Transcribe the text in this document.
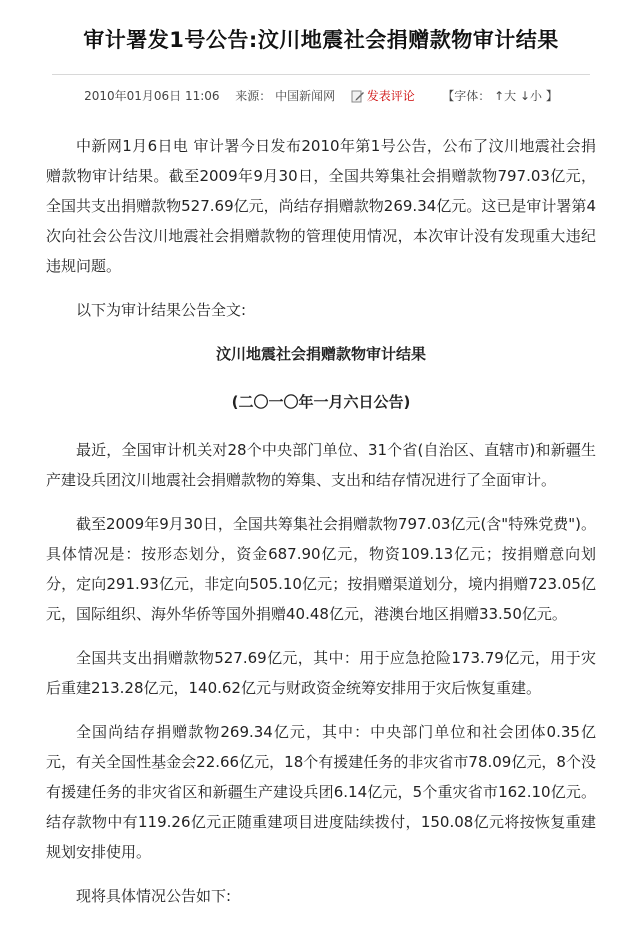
审计署发1号公告:汶川地震社会捐赠款物审计结果
2010年01月06日 11:06 来源： 中国新闻网	发表评论 【字体： ↑大 ↓小 】

中新网1月6日电 审计署今日发布2010年第1号公告，公布了汶川地震社会捐赠款物审计结果。截至2009年9月30日，全国共筹集社会捐赠款物797.03亿元，全国共支出捐赠款物527.69亿元，尚结存捐赠款物269.34亿元。这已是审计署第4次向社会公告汶川地震社会捐赠款物的管理使用情况，本次审计没有发现重大违纪违规问题。

以下为审计结果公告全文:

汶川地震社会捐赠款物审计结果

(二〇一〇年一月六日公告)

最近，全国审计机关对28个中央部门单位、31个省(自治区、直辖市)和新疆生产建设兵团汶川地震社会捐赠款物的筹集、支出和结存情况进行了全面审计。

截至2009年9月30日，全国共筹集社会捐赠款物797.03亿元(含"特殊党费")。具体情况是：按形态划分，资金687.90亿元，物资109.13亿元；按捐赠意向划分，定向291.93亿元，非定向505.10亿元；按捐赠渠道划分，境内捐赠723.05亿元，国际组织、海外华侨等国外捐赠40.48亿元，港澳台地区捐赠33.50亿元。

全国共支出捐赠款物527.69亿元，其中：用于应急抢险173.79亿元，用于灾后重建213.28亿元，140.62亿元与财政资金统筹安排用于灾后恢复重建。

全国尚结存捐赠款物269.34亿元，其中：中央部门单位和社会团体0.35亿元，有关全国性基金会22.66亿元，18个有援建任务的非灾省市78.09亿元，8个没有援建任务的非灾省区和新疆生产建设兵团6.14亿元，5个重灾省市162.10亿元。结存款物中有119.26亿元正随重建项目进度陆续拨付，150.08亿元将按恢复重建规划安排使用。

现将具体情况公告如下:
